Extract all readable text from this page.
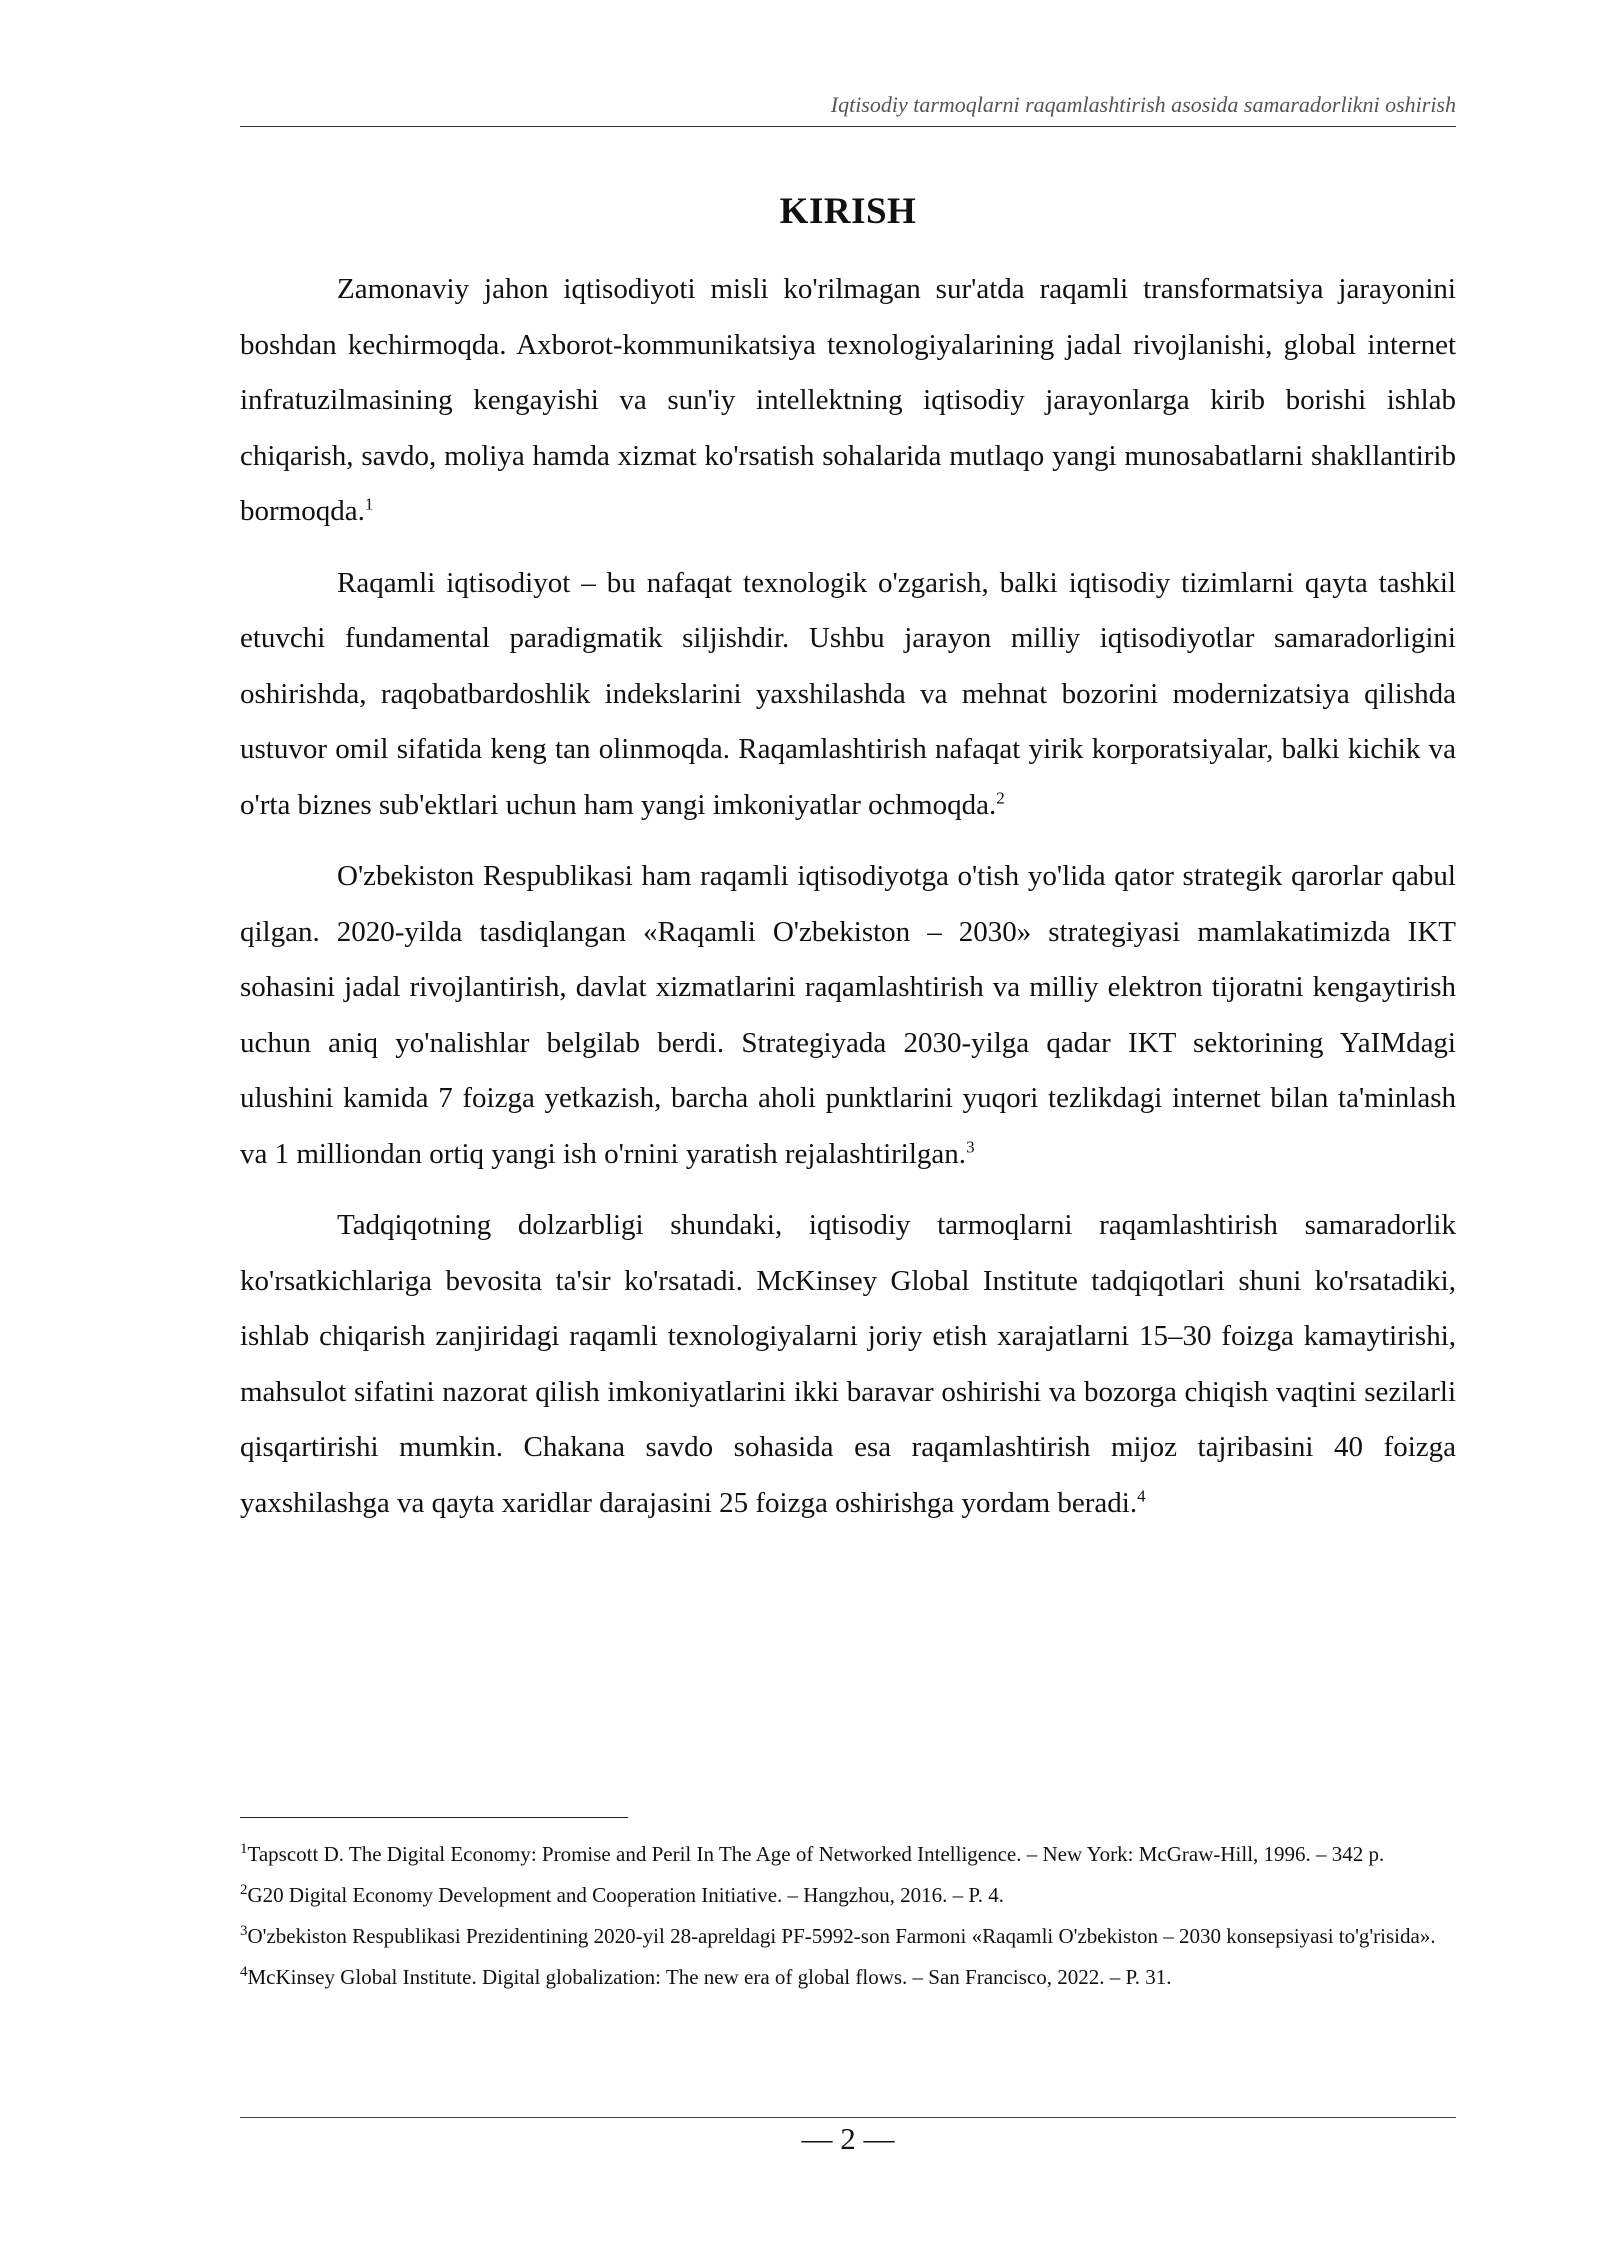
Iqtisodiy tarmoqlarni raqamlashtirish asosida samaradorlikni oshirish
KIRISH

Zamonaviy jahon iqtisodiyoti misli ko'rilmagan sur'atda raqamli transformatsiya jarayonini boshdan kechirmoqda. Axborot-kommunikatsiya texnologiyalarining jadal rivojlanishi, global internet infratuzilmasining kengayishi va sun'iy intellektning iqtisodiy jarayonlarga kirib borishi ishlab chiqarish, savdo, moliya hamda xizmat ko'rsatish sohalarida mutlaqo yangi munosabatlarni shakllantirib bormoqda.$^1$

Raqamli iqtisodiyot – bu nafaqat texnologik o'zgarish, balki iqtisodiy tizimlarni qayta tashkil etuvchi fundamental paradigmatik siljishdir. Ushbu jarayon milliy iqtisodiyotlar samaradorligini oshirishda, raqobatbardoshlik indekslarini yaxshilashda va mehnat bozorini modernizatsiya qilishda ustuvor omil sifatida keng tan olinmoqda. Raqamlashtirish nafaqat yirik korporatsiyalar, balki kichik va o'rta biznes sub'ektlari uchun ham yangi imkoniyatlar ochmoqda.$^2$

O'zbekiston Respublikasi ham raqamli iqtisodiyotga o'tish yo'lida qator strategik qarorlar qabul qilgan. 2020-yilda tasdiqlangan «Raqamli O'zbekiston – 2030» strategiyasi mamlakatimizda IKT sohasini jadal rivojlantirish, davlat xizmatlarini raqamlashtirish va milliy elektron tijoratni kengaytirish uchun aniq yo'nalishlar belgilab berdi. Strategiyada 2030-yilga qadar IKT sektorining YaIMdagi ulushini kamida 7 foizga yetkazish, barcha aholi punktlarini yuqori tezlikdagi internet bilan ta'minlash va 1 milliondan ortiq yangi ish o'rnini yaratish rejalashtirilgan.$^3$

Tadqiqotning dolzarbligi shundaki, iqtisodiy tarmoqlarni raqamlashtirish samaradorlik ko'rsatkichlariga bevosita ta'sir ko'rsatadi. McKinsey Global Institute tadqiqotlari shuni ko'rsatadiki, ishlab chiqarish zanjiridagi raqamli texnologiyalarni joriy etish xarajatlarni 15–30 foizga kamaytirishi, mahsulot sifatini nazorat qilish imkoniyatlarini ikki baravar oshirishi va bozorga chiqish vaqtini sezilarli qisqartirishi mumkin. Chakana savdo sohasida esa raqamlashtirish mijoz tajribasini 40 foizga yaxshilashga va qayta xaridlar darajasini 25 foizga oshirishga yordam beradi.$^4$

$^1$Tapscott D. The Digital Economy: Promise and Peril In The Age of Networked Intelligence. – New York: McGraw-Hill, 1996. – 342 p.

$^2$G20 Digital Economy Development and Cooperation Initiative. – Hangzhou, 2016. – P. 4.

$^3$O'zbekiston Respublikasi Prezidentining 2020-yil 28-apreldagi PF-5992-son Farmoni «Raqamli O'zbekiston – 2030 konsepsiyasi to'g'risida».

$^4$McKinsey Global Institute. Digital globalization: The new era of global flows. – San Francisco, 2022. – P. 31.

— 2 —
